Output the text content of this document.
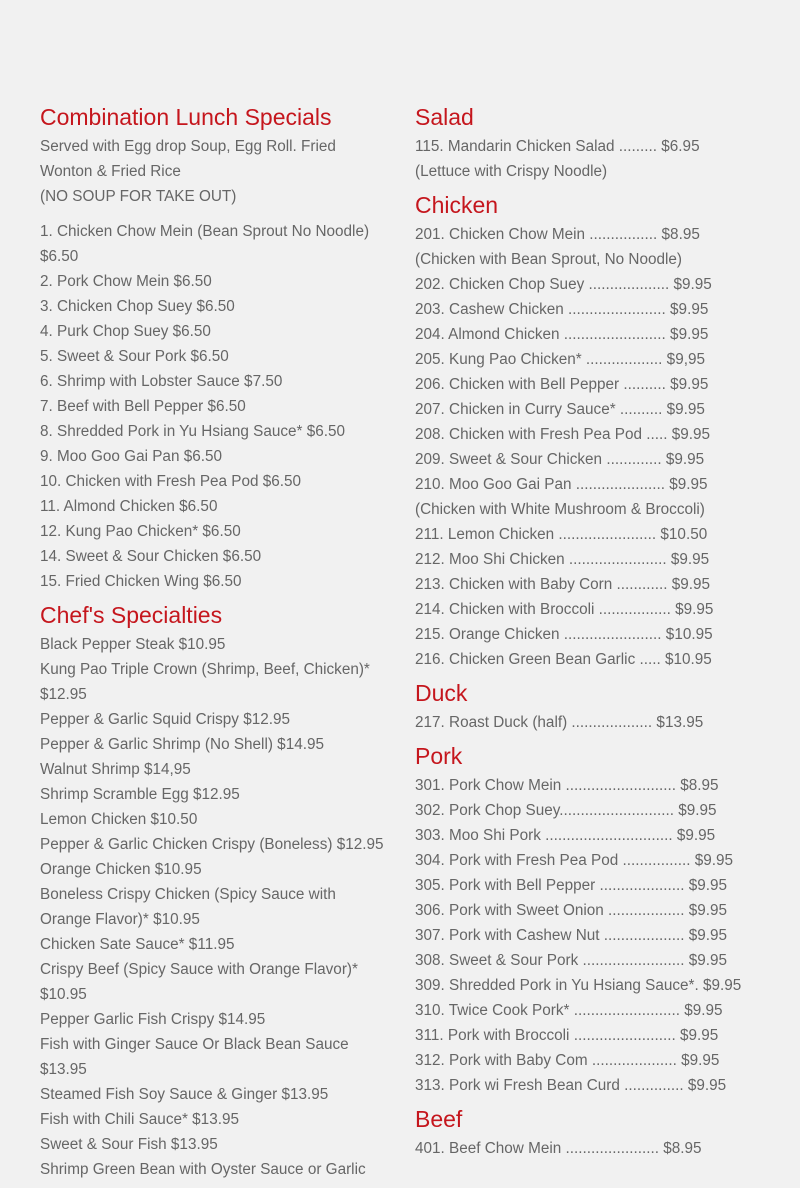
Combination Lunch Specials
Served with Egg drop Soup, Egg Roll. Fried Wonton & Fried Rice
(NO SOUP FOR TAKE OUT)
1. Chicken Chow Mein (Bean Sprout No Noodle) $6.50
2. Pork Chow Mein $6.50
3. Chicken Chop Suey $6.50
4. Purk Chop Suey $6.50
5. Sweet & Sour Pork $6.50
6. Shrimp with Lobster Sauce $7.50
7. Beef with Bell Pepper $6.50
8. Shredded Pork in Yu Hsiang Sauce* $6.50
9. Moo Goo Gai Pan $6.50
10. Chicken with Fresh Pea Pod $6.50
11. Almond Chicken $6.50
12. Kung Pao Chicken* $6.50
14. Sweet & Sour Chicken $6.50
15. Fried Chicken Wing $6.50
Chef's Specialties
Black Pepper Steak $10.95
Kung Pao Triple Crown (Shrimp, Beef, Chicken)* $12.95
Pepper & Garlic Squid Crispy $12.95
Pepper & Garlic Shrimp (No Shell) $14.95
Walnut Shrimp $14,95
Shrimp Scramble Egg $12.95
Lemon Chicken $10.50
Pepper & Garlic Chicken Crispy (Boneless) $12.95
Orange Chicken $10.95
Boneless Crispy Chicken (Spicy Sauce with Orange Flavor)* $10.95
Chicken Sate Sauce* $11.95
Crispy Beef (Spicy Sauce with Orange Flavor)* $10.95
Pepper Garlic Fish Crispy $14.95
Fish with Ginger Sauce Or Black Bean Sauce $13.95
Steamed Fish Soy Sauce & Ginger $13.95
Fish with Chili Sauce* $13.95
Sweet & Sour Fish $13.95
Shrimp Green Bean with Oyster Sauce or Garlic
Salad
115. Mandarin Chicken Salad ......... $6.95
(Lettuce with Crispy Noodle)
Chicken
201. Chicken Chow Mein ................ $8.95
(Chicken with Bean Sprout, No Noodle)
202. Chicken Chop Suey ................... $9.95
203. Cashew Chicken ....................... $9.95
204. Almond Chicken ........................ $9.95
205. Kung Pao Chicken* .................. $9,95
206. Chicken with Bell Pepper .......... $9.95
207. Chicken in Curry Sauce* .......... $9.95
208. Chicken with Fresh Pea Pod ..... $9.95
209. Sweet & Sour Chicken ............. $9.95
210. Moo Goo Gai Pan ..................... $9.95
(Chicken with White Mushroom & Broccoli)
211. Lemon Chicken ....................... $10.50
212. Moo Shi Chicken ....................... $9.95
213. Chicken with Baby Corn ............ $9.95
214. Chicken with Broccoli ................. $9.95
215. Orange Chicken ....................... $10.95
216. Chicken Green Bean Garlic ..... $10.95
Duck
217. Roast Duck (half) ................... $13.95
Pork
301. Pork Chow Mein .......................... $8.95
302. Pork Chop Suey........................... $9.95
303. Moo Shi Pork .............................. $9.95
304. Pork with Fresh Pea Pod ................ $9.95
305. Pork with Bell Pepper .................... $9.95
306. Pork with Sweet Onion .................. $9.95
307. Pork with Cashew Nut ................... $9.95
308. Sweet & Sour Pork ........................ $9.95
309. Shredded Pork in Yu Hsiang Sauce*. $9.95
310. Twice Cook Pork* ......................... $9.95
311. Pork with Broccoli ........................ $9.95
312. Pork with Baby Com .................... $9.95
313. Pork wi Fresh Bean Curd .............. $9.95
Beef
401. Beef Chow Mein ...................... $8.95
